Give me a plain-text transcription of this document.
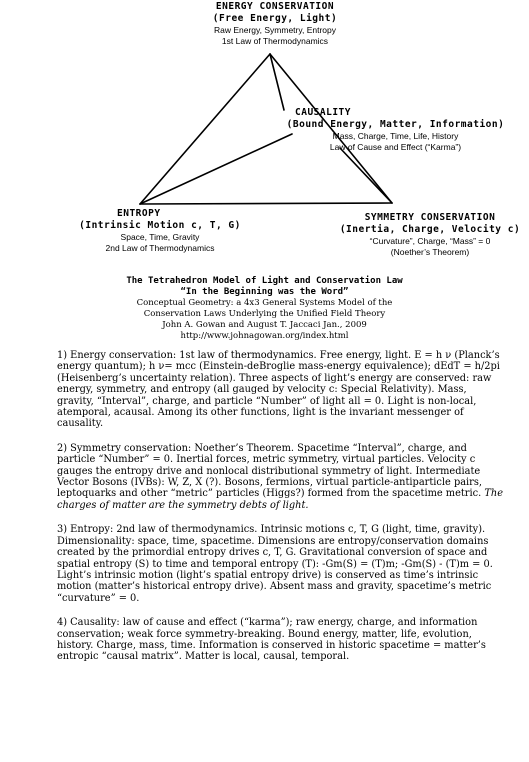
ENERGY CONSERVATION
(Free Energy, Light)
Raw Energy, Symmetry, Entropy
1st Law of Thermodynamics
CAUSALITY
(Bound Energy, Matter, Information)
Mass, Charge, Time, Life, History
Law of Cause and Effect (“Karma”)
ENTROPY
(Intrinsic Motion c, T, G)
Space, Time, Gravity
2nd Law of Thermodynamics
SYMMETRY CONSERVATION
(Inertia, Charge, Velocity c)
“Curvature”, Charge, “Mass” = 0
(Noether’s Theorem)
The Tetrahedron Model of Light and Conservation Law
“In the Beginning was the Word”
Conceptual Geometry: a 4x3 General Systems Model of the
Conservation Laws Underlying the Unified Field Theory
John A. Gowan and August T. Jaccaci Jan., 2009
http://www.johnagowan.org/index.html

1) Energy conservation: 1st law of thermodynamics. Free energy, light. E = h ν (Planck’s energy quantum); h ν= mcc (Einstein-deBroglie mass-energy equivalence); dEdT = h/2pi (Heisenberg’s uncertainty relation). Three aspects of light’s energy are conserved: raw energy, symmetry, and entropy (all gauged by velocity c: Special Relativity). Mass, gravity, “Interval”, charge, and particle “Number” of light all = 0. Light is non-local, atemporal, acausal. Among its other functions, light is the invariant messenger of causality.

2) Symmetry conservation: Noether’s Theorem. Spacetime “Interval”, charge, and particle “Number” = 0. Inertial forces, metric symmetry, virtual particles. Velocity c gauges the entropy drive and nonlocal distributional symmetry of light. Intermediate Vector Bosons (IVBs): W, Z, X (?). Bosons, fermions, virtual particle-antiparticle pairs, leptoquarks and other “metric” particles (Higgs?) formed from the spacetime metric. The charges of matter are the symmetry debts of light.

3) Entropy: 2nd law of thermodynamics. Intrinsic motions c, T, G (light, time, gravity). Dimensionality: space, time, spacetime. Dimensions are entropy/conservation domains created by the primordial entropy drives c, T, G. Gravitational conversion of space and spatial entropy (S) to time and temporal entropy (T): -Gm(S) = (T)m; -Gm(S) - (T)m = 0. Light’s intrinsic motion (light’s spatial entropy drive) is conserved as time’s intrinsic motion (matter’s historical entropy drive). Absent mass and gravity, spacetime’s metric “curvature” = 0.

4) Causality: law of cause and effect (“karma”); raw energy, charge, and information conservation; weak force symmetry-breaking. Bound energy, matter, life, evolution, history. Charge, mass, time. Information is conserved in historic spacetime = matter’s entropic “causal matrix”. Matter is local, causal, temporal.
